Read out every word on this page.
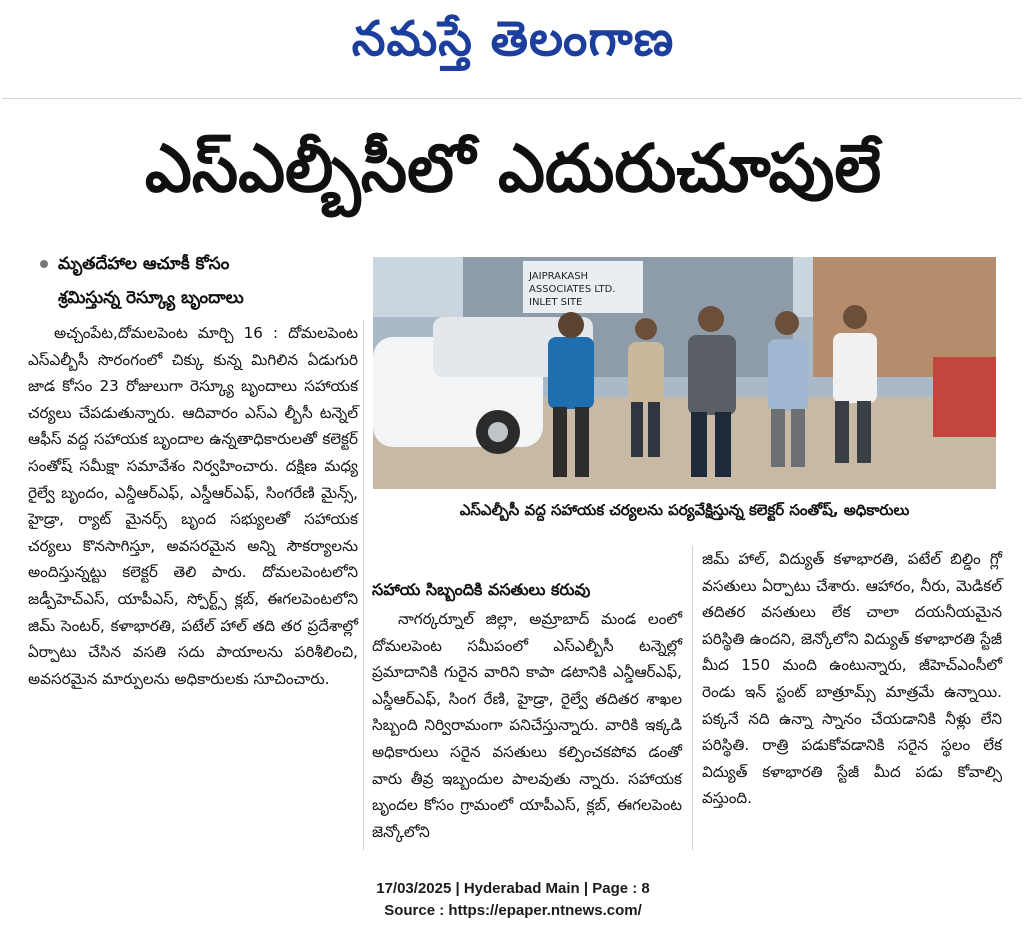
నమస్తే తెలంగాణ
ఎస్ఎల్బీసీలో ఎదురుచూపులే
మృతదేహాల ఆచూకీ కోసం
శ్రమిస్తున్న రెస్క్యూ బృందాలు

అచ్చంపేట,దోమలపెంట మార్చి 16 : దోమలపెంట ఎస్ఎల్బీసీ సొరంగంలో చిక్కు కున్న మిగిలిన ఏడుగురి జాడ కోసం 23 రోజులుగా రెస్క్యూ బృందాలు సహాయక చర్యలు చేపడుతున్నారు. ఆదివారం ఎస్ఎ ల్బీసీ టన్నెల్ ఆఫీస్ వద్ద సహాయక బృందాల ఉన్నతాధికారులతో కలెక్టర్ సంతోష్ సమీక్షా సమావేశం నిర్వహించారు. దక్షిణ మధ్య రైల్వే బృందం, ఎన్డీఆర్ఎఫ్, ఎస్డీఆర్ఎఫ్, సింగరేణి మైన్స్, హైడ్రా, ర్యాట్ మైనర్స్ బృంద సభ్యులతో సహాయక చర్యలు కొనసాగిస్తూ, అవసరమైన అన్ని సౌకర్యాలను అందిస్తున్నట్టు కలెక్టర్ తెలి పారు. దోమలపెంటలోని జడ్పీహెచ్ఎస్, యాపీఎస్, స్పోర్ట్స్ క్లబ్, ఈగలపెంటలోని జిమ్ సెంటర్, కళాభారతి, పటేల్ హాల్ తది తర ప్రదేశాల్లో ఏర్పాటు చేసిన వసతి సదు పాయాలను పరిశీలించి, అవసరమైన మార్పులను అధికారులకు సూచించారు.

JAIPRAKASH ASSOCIATES LTD. INLET SITE
ఎస్ఎల్బీసీ వద్ద సహాయక చర్యలను పర్యవేక్షిస్తున్న కలెక్టర్ సంతోష్, అధికారులు
సహాయ సిబ్బందికి వసతులు కరువు

నాగర్కర్నూల్ జిల్లా, అమ్రాబాద్ మండ లంలో దోమలపెంట సమీపంలో ఎస్ఎల్బీసీ టన్నెల్లో ప్రమాదానికి గురైన వారిని కాపా డటానికి ఎన్డీఆర్ఎఫ్, ఎస్డీఆర్ఎఫ్, సింగ రేణి, హైడ్రా, రైల్వే తదితర శాఖల సిబ్బంది నిర్విరామంగా పనిచేస్తున్నారు. వారికి ఇక్కడి అధికారులు సరైన వసతులు కల్పించకపోవ డంతో వారు తీవ్ర ఇబ్బందుల పాలవుతు న్నారు. సహాయక బృందల కోసం గ్రామంలో యాపీఎస్, క్లబ్, ఈగలపెంట జెన్కోలోని

జిమ్ హాల్, విద్యుత్ కళాభారతి, పటేల్ బిల్డిం గ్లో వసతులు ఏర్పాటు చేశారు. ఆహారం, నీరు, మెడికల్ తదితర వసతులు లేక చాలా దయనీయమైన పరిస్థితి ఉందని, జెన్కోలోని విద్యుత్ కళాభారతి స్టేజీ మీద 150 మంది ఉంటున్నారు, జీహెచ్ఎంసీలో రెండు ఇన్ స్టంట్ బాత్రూమ్స్ మాత్రమే ఉన్నాయి. పక్కనే నది ఉన్నా స్నానం చేయడానికి నీళ్లు లేని పరిస్థితి. రాత్రి పడుకోవడానికి సరైన స్థలం లేక విద్యుత్ కళాభారతి స్టేజీ మీద పడు కోవాల్సి వస్తుంది.

17/03/2025 | Hyderabad Main | Page : 8
Source : https://epaper.ntnews.com/
